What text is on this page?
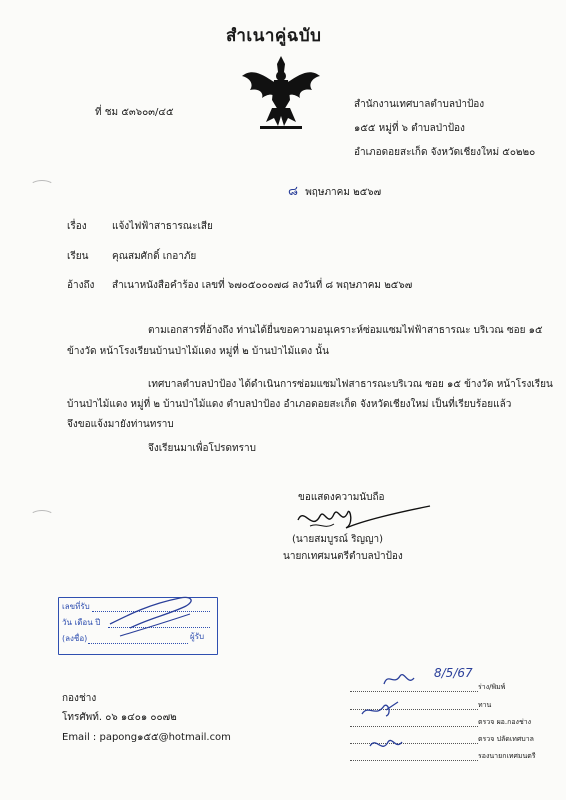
สำเนาคู่ฉบับ
ที่ ชม ๕๓๖๐๓/๔๕
สำนักงานเทศบาลตำบลป่าป้อง
๑๕๕ หมู่ที่ ๖ ตำบลป่าป้อง
อำเภอดอยสะเก็ด จังหวัดเชียงใหม่ ๕๐๒๒๐
๘ พฤษภาคม ๒๕๖๗
เรื่อง	แจ้งไฟฟ้าสาธารณะเสีย
เรียน คุณสมศักดิ์ เกอาภัย
อ้างถึง สำเนาหนังสือคำร้อง เลขที่ ๖๗๐๕๐๐๐๗๘ ลงวันที่ ๘ พฤษภาคม ๒๕๖๗
ตามเอกสารที่อ้างถึง ท่านได้ยื่นขอความอนุเคราะห์ซ่อมแซมไฟฟ้าสาธารณะ บริเวณ ซอย ๑๕
ข้างวัด หน้าโรงเรียนบ้านป่าไม้แดง หมู่ที่ ๒ บ้านป่าไม้แดง นั้น
เทศบาลตำบลป่าป้อง ได้ดำเนินการซ่อมแซมไฟสาธารณะบริเวณ ซอย ๑๕ ข้างวัด หน้าโรงเรียน
บ้านป่าไม้แดง หมู่ที่ ๒ บ้านป่าไม้แดง ตำบลป่าป้อง อำเภอดอยสะเก็ด จังหวัดเชียงใหม่ เป็นที่เรียบร้อยแล้ว
จึงขอแจ้งมายังท่านทราบ
จึงเรียนมาเพื่อโปรดทราบ
ขอแสดงความนับถือ
(นายสมบูรณ์ ริญญา)
นายกเทศมนตรีตำบลป่าป้อง
เลขที่รับ
วัน เดือน ปี
(ลงชื่อ)	ผู้รับ
กองช่าง
โทรศัพท์. ๐๖ ๑๔๐๑ ๐๐๗๒
Email : papong๑๕๕@hotmail.com
8/5/67
ร่าง/พิมพ์
ทาน
ตรวจ ผอ.กองช่าง
ตรวจ ปลัดเทศบาล
รองนายกเทศมนตรี
